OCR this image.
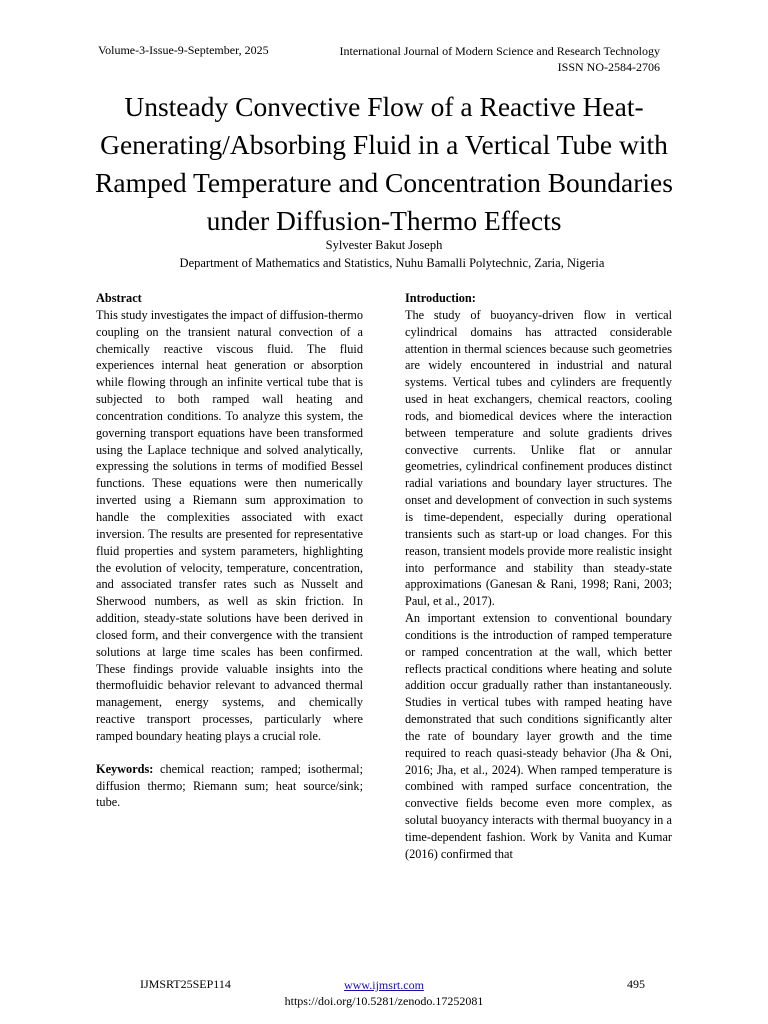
Volume-3-Issue-9-September, 2025	International Journal of Modern Science and Research Technology
ISSN NO-2584-2706
Unsteady Convective Flow of a Reactive Heat-Generating/Absorbing Fluid in a Vertical Tube with Ramped Temperature and Concentration Boundaries under Diffusion-Thermo Effects
Sylvester Bakut Joseph
Department of Mathematics and Statistics, Nuhu Bamalli Polytechnic, Zaria, Nigeria
Abstract

This study investigates the impact of diffusion-thermo coupling on the transient natural convection of a chemically reactive viscous fluid. The fluid experiences internal heat generation or absorption while flowing through an infinite vertical tube that is subjected to both ramped wall heating and concentration conditions. To analyze this system, the governing transport equations have been transformed using the Laplace technique and solved analytically, expressing the solutions in terms of modified Bessel functions. These equations were then numerically inverted using a Riemann sum approximation to handle the complexities associated with exact inversion. The results are presented for representative fluid properties and system parameters, highlighting the evolution of velocity, temperature, concentration, and associated transfer rates such as Nusselt and Sherwood numbers, as well as skin friction. In addition, steady-state solutions have been derived in closed form, and their convergence with the transient solutions at large time scales has been confirmed. These findings provide valuable insights into the thermofluidic behavior relevant to advanced thermal management, energy systems, and chemically reactive transport processes, particularly where ramped boundary heating plays a crucial role.

Keywords: chemical reaction; ramped; isothermal; diffusion thermo; Riemann sum; heat source/sink; tube.

Introduction:

The study of buoyancy-driven flow in vertical cylindrical domains has attracted considerable attention in thermal sciences because such geometries are widely encountered in industrial and natural systems. Vertical tubes and cylinders are frequently used in heat exchangers, chemical reactors, cooling rods, and biomedical devices where the interaction between temperature and solute gradients drives convective currents. Unlike flat or annular geometries, cylindrical confinement produces distinct radial variations and boundary layer structures. The onset and development of convection in such systems is time-dependent, especially during operational transients such as start-up or load changes. For this reason, transient models provide more realistic insight into performance and stability than steady-state approximations (Ganesan & Rani, 1998; Rani, 2003; Paul, et al., 2017).

An important extension to conventional boundary conditions is the introduction of ramped temperature or ramped concentration at the wall, which better reflects practical conditions where heating and solute addition occur gradually rather than instantaneously. Studies in vertical tubes with ramped heating have demonstrated that such conditions significantly alter the rate of boundary layer growth and the time required to reach quasi-steady behavior (Jha & Oni, 2016; Jha, et al., 2024). When ramped temperature is combined with ramped surface concentration, the convective fields become even more complex, as solutal buoyancy interacts with thermal buoyancy in a time-dependent fashion. Work by Vanita and Kumar (2016) confirmed that

IJMSRT25SEP114	www.ijmsrt.com
https://doi.org/10.5281/zenodo.17252081
495
